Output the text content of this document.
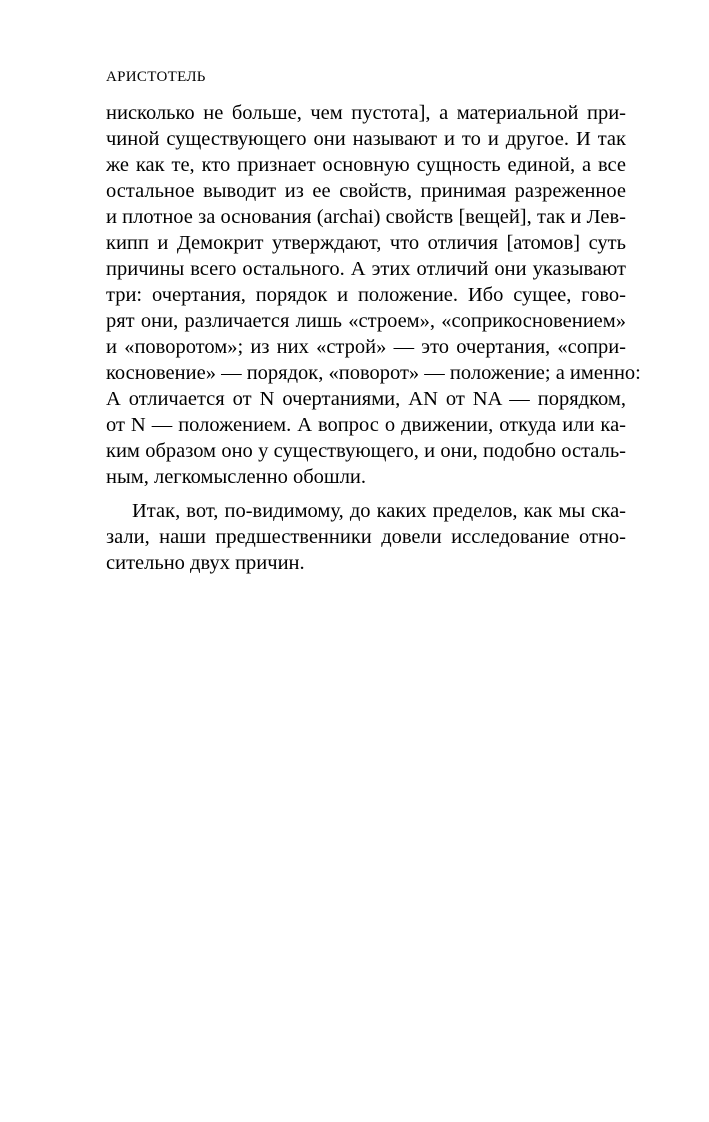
АРИСТОТЕЛЬ
нисколько не больше, чем пустота], а материальной при-
чиной существующего они называют и то и другое. И так
же как те, кто признает основную сущность единой, а все
остальное выводит из ее свойств, принимая разреженное
и плотное за основания (archai) свойств [вещей], так и Лев-
кипп и Демокрит утверждают, что отличия [атомов] суть
причины всего остального. А этих отличий они указывают
три: очертания, порядок и положение. Ибо сущее, гово-
рят они, различается лишь «строем», «соприкосновением»
и «поворотом»; из них «строй» — это очертания, «сопри-
косновение» — порядок, «поворот» — положение; а именно:
А отличается от N очертаниями, AN от NA — порядком,
от N — положением. А вопрос о движении, откуда или ка-
ким образом оно у существующего, и они, подобно осталь-
ным, легкомысленно обошли.
Итак, вот, по-видимому, до каких пределов, как мы ска-
зали, наши предшественники довели исследование отно-
сительно двух причин.
